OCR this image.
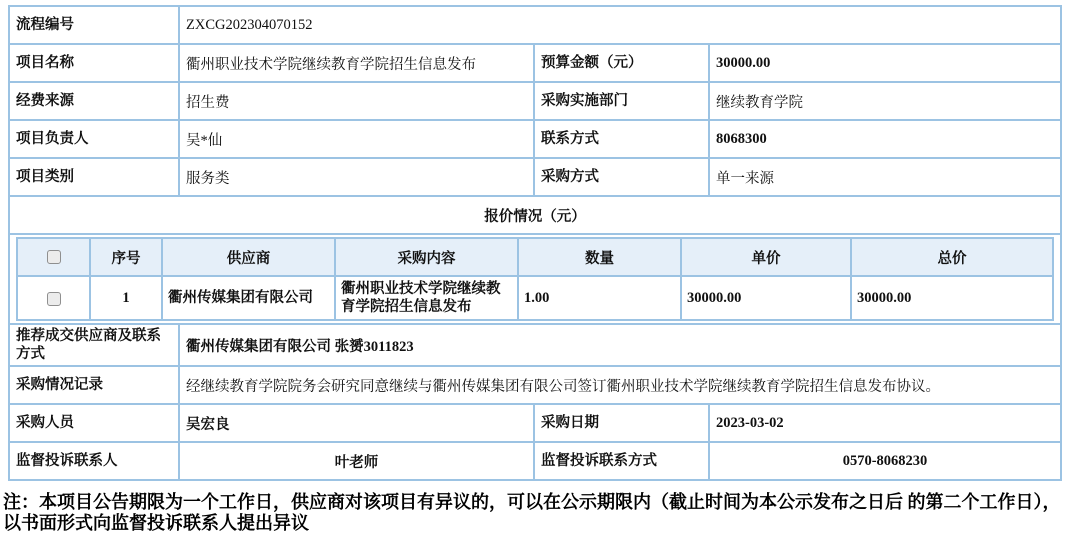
流程编号	ZXCG202304070152
项目名称	衢州职业技术学院继续教育学院招生信息发布	预算金额（元）	30000.00
经费来源	招生费	采购实施部门	继续教育学院
项目负责人	吴*仙	联系方式	8068300
项目类别	服务类	采购方式	单一来源
报价情况（元）

	序号	供应商	采购内容	数量	单价	总价
	1	衢州传媒集团有限公司	衢州职业技术学院继续教育学院招生信息发布	1.00	30000.00	30000.00

推荐成交供应商及联系方式	衢州传媒集团有限公司 张赟3011823
采购情况记录	经继续教育学院院务会研究同意继续与衢州传媒集团有限公司签订衢州职业技术学院继续教育学院招生信息发布协议。
采购人员	吴宏良	采购日期	2023-03-02
监督投诉联系人	叶老师	监督投诉联系方式	0570-8068230
注：本项目公告期限为一个工作日，供应商对该项目有异议的，可以在公示期限内（截止时间为本公示发布之日后 的第二个工作日），以书面形式向监督投诉联系人提出异议
